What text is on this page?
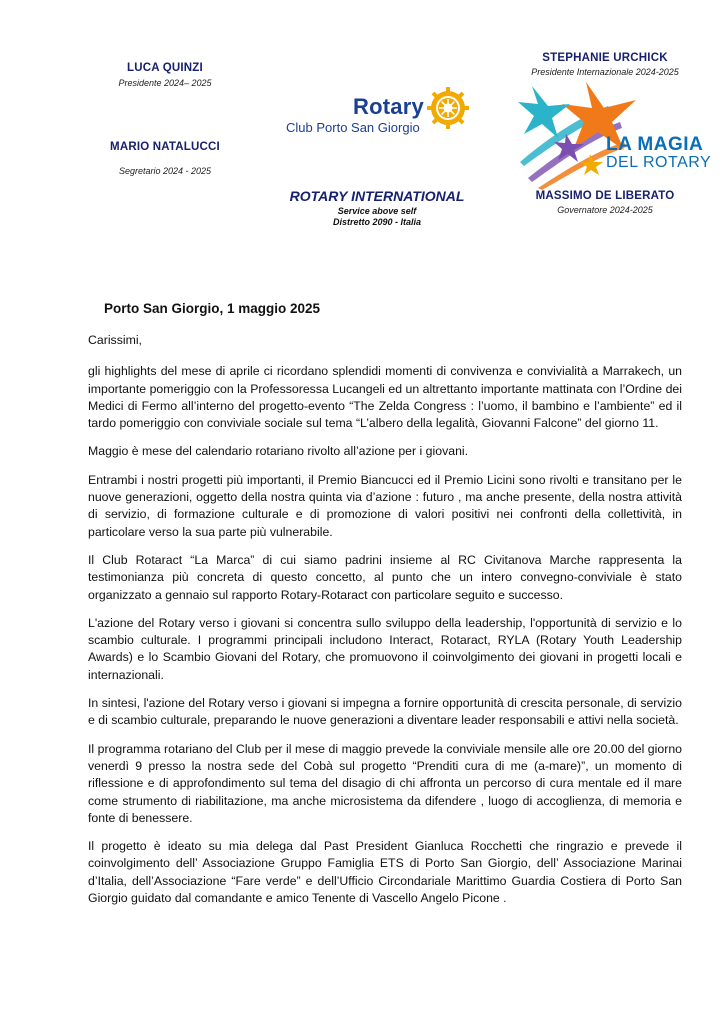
LUCA QUINZI
Presidente 2024– 2025
MARIO NATALUCCI
Segretario 2024 - 2025
Rotary
Club Porto San Giorgio
ROTARY INTERNATIONAL
Service above self
Distretto 2090 - Italia
STEPHANIE URCHICK
Presidente Internazionale 2024-2025
LA MAGIA
DEL ROTARY
MASSIMO DE LIBERATO
Governatore 2024-2025
Porto San Giorgio, 1 maggio 2025

Carissimi,

gli highlights del mese di aprile ci ricordano splendidi momenti di convivenza e convivialità a Marrakech, un importante pomeriggio con la Professoressa Lucangeli ed un altrettanto importante mattinata con l’Ordine dei Medici di Fermo all’interno del progetto-evento “The Zelda Congress : l’uomo, il bambino e l’ambiente” ed il tardo pomeriggio con conviviale sociale sul tema “L’albero della legalità, Giovanni Falcone” del giorno 11.

Maggio è mese del calendario rotariano rivolto all’azione per i giovani.

Entrambi i nostri progetti più importanti, il Premio Biancucci ed il Premio Licini sono rivolti e transitano per le nuove generazioni, oggetto della nostra quinta via d’azione : futuro , ma anche presente, della nostra attività di servizio, di formazione culturale e di promozione di valori positivi nei confronti della collettività, in particolare verso la sua parte più vulnerabile.

Il Club Rotaract “La Marca” di cui siamo padrini insieme al RC Civitanova Marche rappresenta la testimonianza più concreta di questo concetto, al punto che un intero convegno-conviviale è stato organizzato a gennaio sul rapporto Rotary-Rotaract con particolare seguito e successo.

L'azione del Rotary verso i giovani si concentra sullo sviluppo della leadership, l'opportunità di servizio e lo scambio culturale. I programmi principali includono Interact, Rotaract, RYLA (Rotary Youth Leadership Awards) e lo Scambio Giovani del Rotary, che promuovono il coinvolgimento dei giovani in progetti locali e internazionali.

In sintesi, l'azione del Rotary verso i giovani si impegna a fornire opportunità di crescita personale, di servizio e di scambio culturale, preparando le nuove generazioni a diventare leader responsabili e attivi nella società.

Il programma rotariano del Club per il mese di maggio prevede la conviviale mensile alle ore 20.00 del giorno venerdì 9 presso la nostra sede del Cobà sul progetto “Prenditi cura di me (a-mare)”, un momento di riflessione e di approfondimento sul tema del disagio di chi affronta un percorso di cura mentale ed il mare come strumento di riabilitazione, ma anche microsistema da difendere , luogo di accoglienza, di memoria e fonte di benessere.

Il progetto è ideato su mia delega dal Past President Gianluca Rocchetti che ringrazio e prevede il coinvolgimento dell’ Associazione Gruppo Famiglia ETS di Porto San Giorgio, dell’ Associazione Marinai d’Italia, dell’Associazione “Fare verde” e dell’Ufficio Circondariale Marittimo Guardia Costiera di Porto San Giorgio guidato dal comandante e amico Tenente di Vascello Angelo Picone .
